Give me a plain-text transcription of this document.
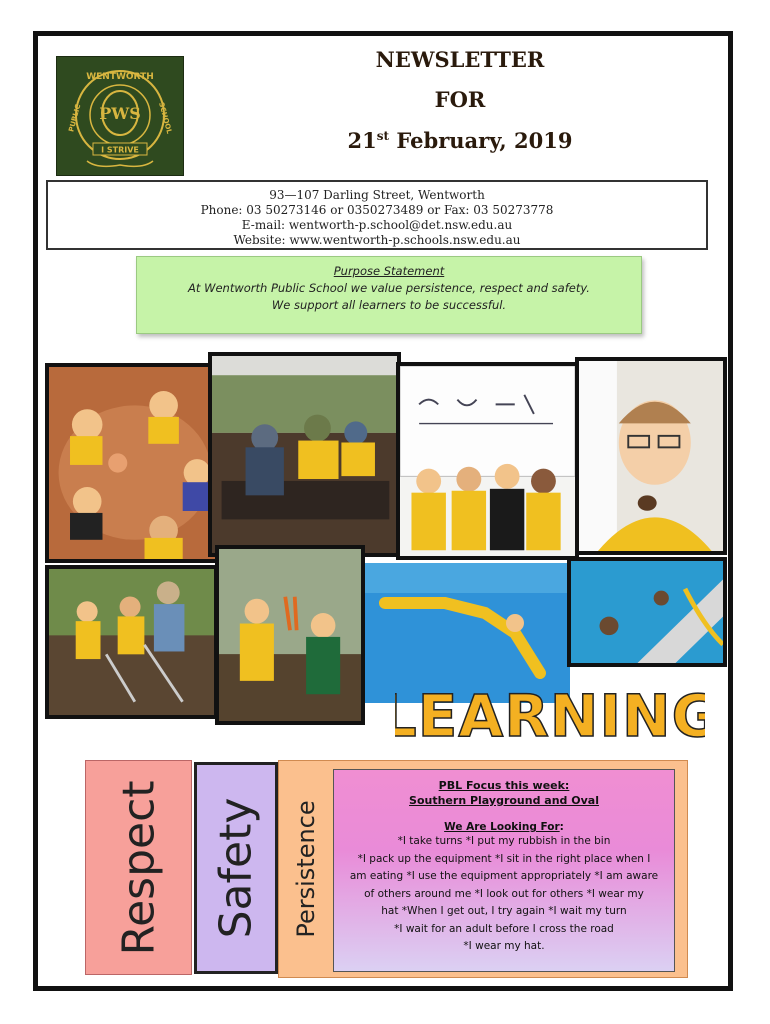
WENTWORTH
PUBLIC	SCHOOL
PWS
I STRIVE
NEWSLETTER
FOR
21st February, 2019
93—107 Darling Street, Wentworth
Phone: 03 50273146 or 0350273489 or Fax: 03 50273778
E-mail: wentworth-p.school@det.nsw.edu.au
Website: www.wentworth-p.schools.nsw.edu.au
Purpose Statement
At Wentworth Public School we value persistence, respect and safety.
We support all learners to be successful.
LEARNING
Respect Safety Persistence
PBL Focus this week:
Southern Playground and Oval
We Are Looking For:
*I take turns *I put my rubbish in the bin
*I pack up the equipment *I sit in the right place when I
am eating *I use the equipment appropriately *I am aware
of others around me *I look out for others *I wear my
hat *When I get out, I try again *I wait my turn
*I wait for an adult before I cross the road
*I wear my hat.
